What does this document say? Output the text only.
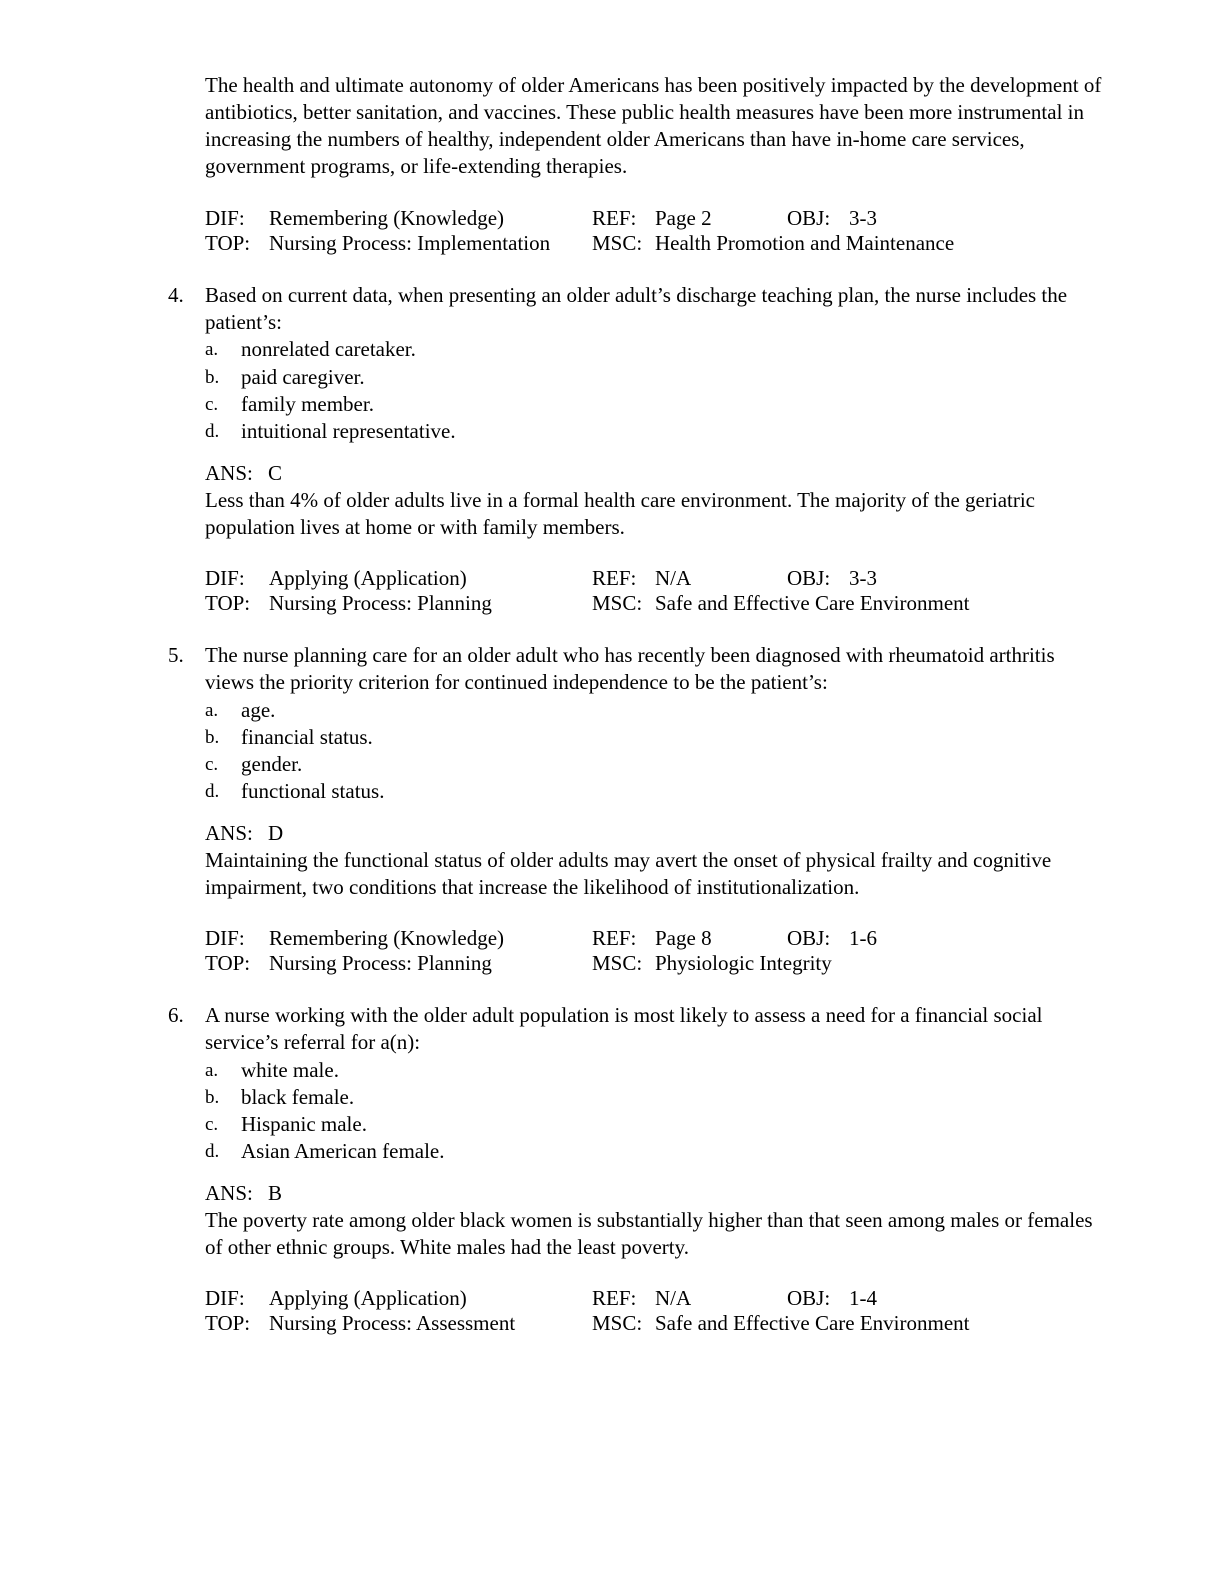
The health and ultimate autonomy of older Americans has been positively impacted by the development of antibiotics, better sanitation, and vaccines. These public health measures have been more instrumental in increasing the numbers of healthy, independent older Americans than have in-home care services, government programs, or life-extending therapies.

DIF: Remembering (Knowledge)	REF: Page 2	OBJ: 3-3
TOP: Nursing Process: Implementation MSC: Health Promotion and Maintenance
4. Based on current data, when presenting an older adult’s discharge teaching plan, the nurse includes the patient’s:

a. nonrelated caretaker.
b. paid caregiver.
c. family member.
d. intuitional representative.
ANS: C

Less than 4% of older adults live in a formal health care environment. The majority of the geriatric population lives at home or with family members.

DIF: Applying (Application)	REF: N/A	OBJ: 3-3
TOP: Nursing Process: Planning	MSC: Safe and Effective Care Environment
5. The nurse planning care for an older adult who has recently been diagnosed with rheumatoid arthritis views the priority criterion for continued independence to be the patient’s:

a. age.
b. financial status.
c. gender.
d. functional status.
ANS: D

Maintaining the functional status of older adults may avert the onset of physical frailty and cognitive impairment, two conditions that increase the likelihood of institutionalization.

DIF: Remembering (Knowledge)	REF: Page 8	OBJ: 1-6
TOP: Nursing Process: Planning	MSC: Physiologic Integrity
6. A nurse working with the older adult population is most likely to assess a need for a financial social service’s referral for a(n):

a. white male.
b. black female.
c. Hispanic male.
d. Asian American female.
ANS: B

The poverty rate among older black women is substantially higher than that seen among males or females of other ethnic groups. White males had the least poverty.

DIF: Applying (Application)	REF: N/A	OBJ: 1-4
TOP: Nursing Process: Assessment	MSC: Safe and Effective Care Environment
